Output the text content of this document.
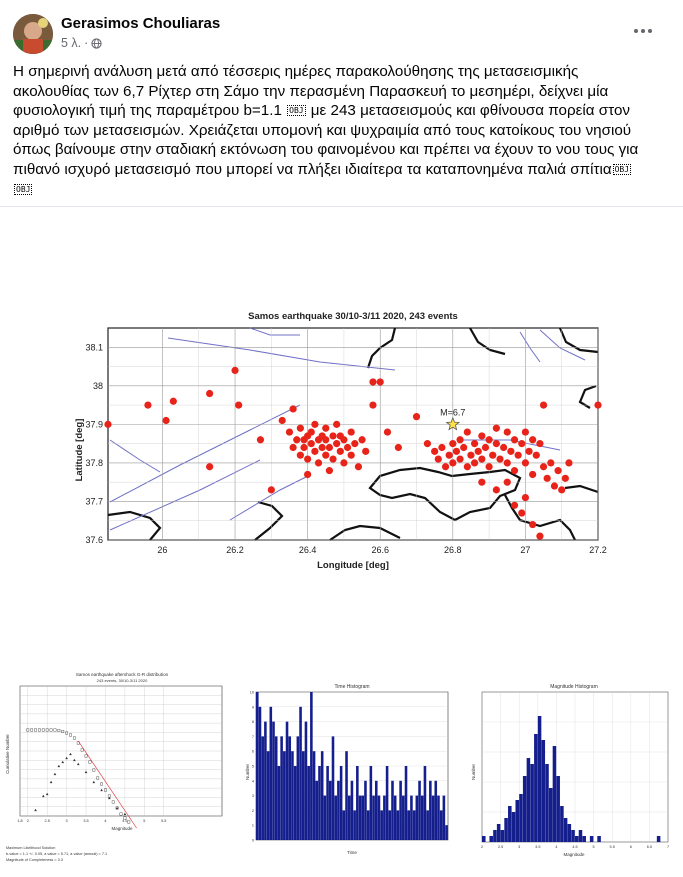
Gerasimos Chouliaras
5 λ. ·
Η σημερινή ανάλυση μετά από τέσσερις ημέρες παρακολούθησης της μετασεισμικής
ακολουθίας των 6,7 Ρίχτερ στη Σάμο την περασμένη Παρασκευή το μεσημέρι, δείχνει μία
φυσιολογική τιμή της παραμέτρου b=1.1 OBJ με 243 μετασεισμούς και φθίνουσα πορεία στον
αριθμό των μετασεισμών. Χρειάζεται υπομονή και ψυχραιμία από τους κατοίκους του νησιού
όπως βαίνουμε στην σταδιακή εκτόνωση του φαινομένου και πρέπει να έχουν το νου τους για
πιθανό ισχυρό μετασεισμό που μπορεί να πλήξει ιδιαίτερα τα καταπονημένα παλιά σπίτια OBJ
OBJ
Samos earthquake 30/10-3/11 2020, 243 events
26	26.2	26.4	26.6	26.8	27	27.2
37.6
37.7
37.8
37.9
38
38.1
M=6.7
Longitude [deg]
Latitude [deg]
Samos earthquake aftershock G-R distribution
243 events, 30/10-3/11 2020
1.8 2	2.5	3	3.5	4	4.5	5	5.5
Magnitude
Cumulative Number
Maximum Likelihood Solution
b-value = 1.1 +/- 0.05, a value = 5.71, a value (annual) = 7.1
Magnitude of Completeness = 3.3
Time Histogram
0
1
2
3
4
5
6
7
8
9
10
Time
Number
Magnitude Histogram
2	2.5	3	3.5	4	4.5	5	5.5	6	6.5	7
Magnitude
Number
